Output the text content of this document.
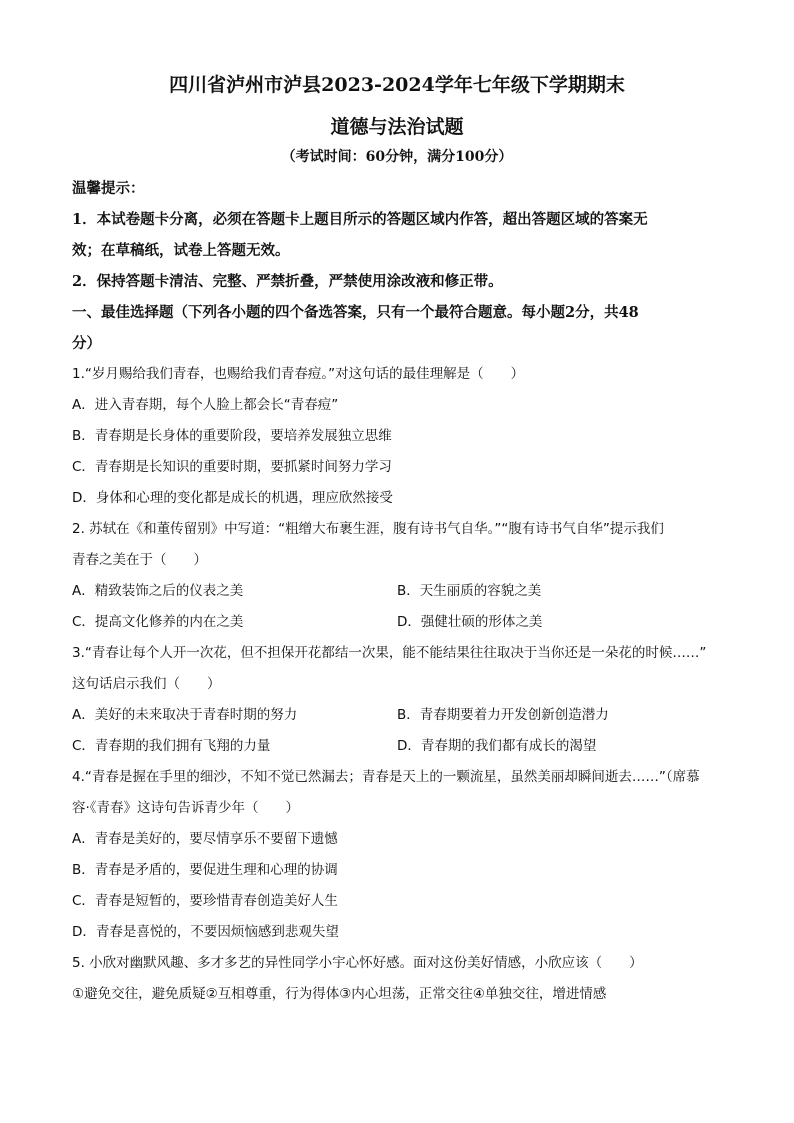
四川省泸州市泸县2023-2024学年七年级下学期期末
道德与法治试题
（考试时间：60分钟，满分100分）
温馨提示：
1．本试卷题卡分离，必须在答题卡上题目所示的答题区域内作答，超出答题区域的答案无
效；在草稿纸，试卷上答题无效。
2．保持答题卡清洁、完整、严禁折叠，严禁使用涂改液和修正带。
一、最佳选择题（下列各小题的四个备选答案，只有一个最符合题意。每小题2分，共48
分）
1.“岁月赐给我们青春，也赐给我们青春痘。”对这句话的最佳理解是（　　）
A．进入青春期，每个人脸上都会长“青春痘”
B．青春期是长身体的重要阶段，要培养发展独立思维
C．青春期是长知识的重要时期，要抓紧时间努力学习
D．身体和心理的变化都是成长的机遇，理应欣然接受
2. 苏轼在《和董传留别》中写道：“粗缯大布裹生涯，腹有诗书气自华。”“腹有诗书气自华”提示我们
青春之美在于（　　）
A．精致装饰之后的仪表之美	B．天生丽质的容貌之美
C．提高文化修养的内在之美	D．强健壮硕的形体之美
3.“青春让每个人开一次花，但不担保开花都结一次果，能不能结果往往取决于当你还是一朵花的时候……”
这句话启示我们（　　）
A．美好的未来取决于青春时期的努力	B．青春期要着力开发创新创造潜力
C．青春期的我们拥有飞翔的力量	D．青春期的我们都有成长的渴望
4.“青春是握在手里的细沙，不知不觉已然漏去；青春是天上的一颗流星，虽然美丽却瞬间逝去……”（席慕
容·《青春》这诗句告诉青少年（　　）
A．青春是美好的，要尽情享乐不要留下遗憾
B．青春是矛盾的，要促进生理和心理的协调
C．青春是短暂的，要珍惜青春创造美好人生
D．青春是喜悦的，不要因烦恼感到悲观失望
5. 小欣对幽默风趣、多才多艺的异性同学小宇心怀好感。面对这份美好情感，小欣应该（　　）
①避免交往，避免质疑②互相尊重，行为得体③内心坦荡，正常交往④单独交往，增进情感
